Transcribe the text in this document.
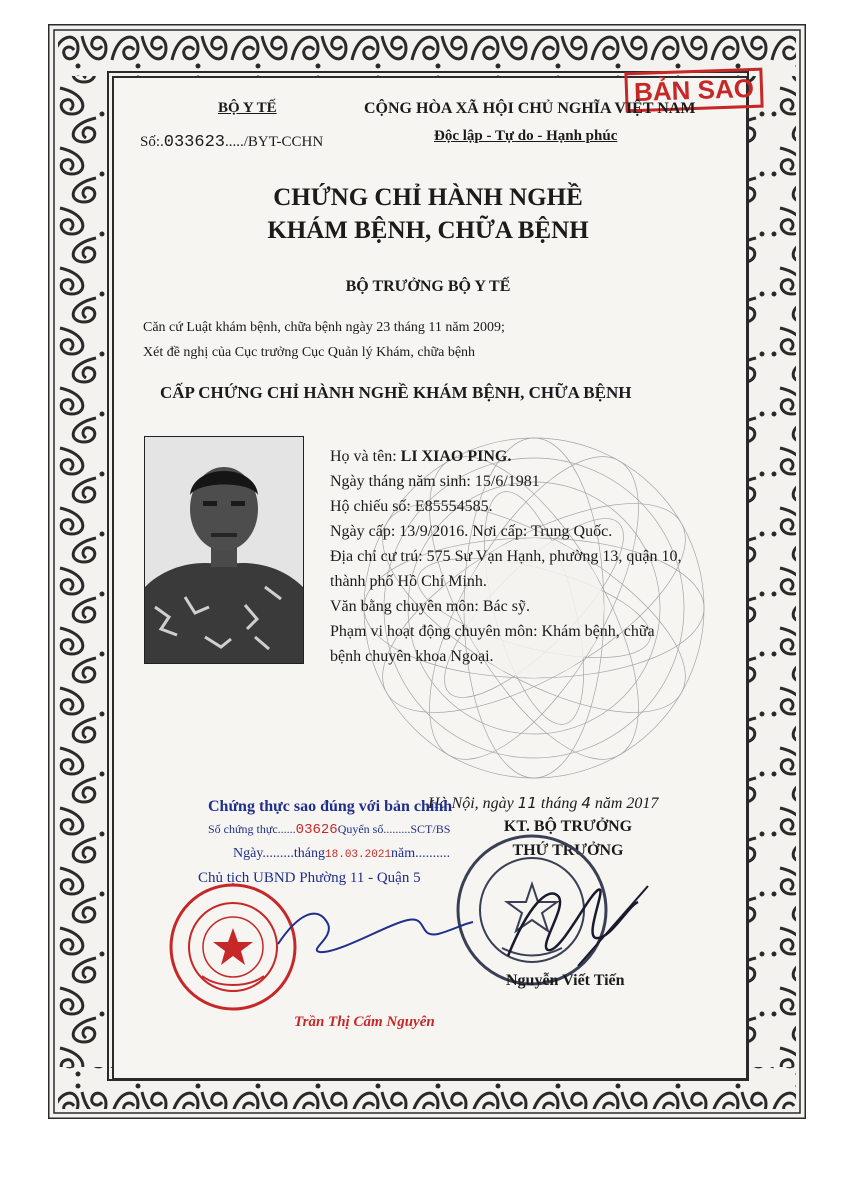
BẢN SAO
BỘ Y TẾ
Số:.033623...../BYT-CCHN
CỘNG HÒA XÃ HỘI CHỦ NGHĨA VIỆT NAM
Độc lập - Tự do - Hạnh phúc
CHỨNG CHỈ HÀNH NGHỀ
KHÁM BỆNH, CHỮA BỆNH
BỘ TRƯỞNG BỘ Y TẾ
Căn cứ Luật khám bệnh, chữa bệnh ngày 23 tháng 11 năm 2009;
Xét đề nghị của Cục trưởng Cục Quản lý Khám, chữa bệnh
CẤP CHỨNG CHỈ HÀNH NGHỀ KHÁM BỆNH, CHỮA BỆNH
Họ và tên: LI XIAO PING.
Ngày tháng năm sinh: 15/6/1981
Hộ chiếu số: E85554585.
Ngày cấp: 13/9/2016. Nơi cấp: Trung Quốc.
Địa chỉ cư trú: 575 Sư Vạn Hạnh, phường 13, quận 10,
thành phố Hồ Chí Minh.
Văn bằng chuyên môn: Bác sỹ.
Phạm vi hoạt động chuyên môn: Khám bệnh, chữa
bệnh chuyên khoa Ngoại.
Hà Nội, ngày 11 tháng 4 năm 2017
KT. BỘ TRƯỞNG
THỨ TRƯỞNG
Nguyễn Viết Tiến
Chứng thực sao đúng với bản chính
Số chứng thực......03626Quyển số.........SCT/BS
Ngày.........tháng18.03.2021năm..........
Chủ tịch UBND Phường 11 - Quận 5
Trần Thị Cẩm Nguyên
